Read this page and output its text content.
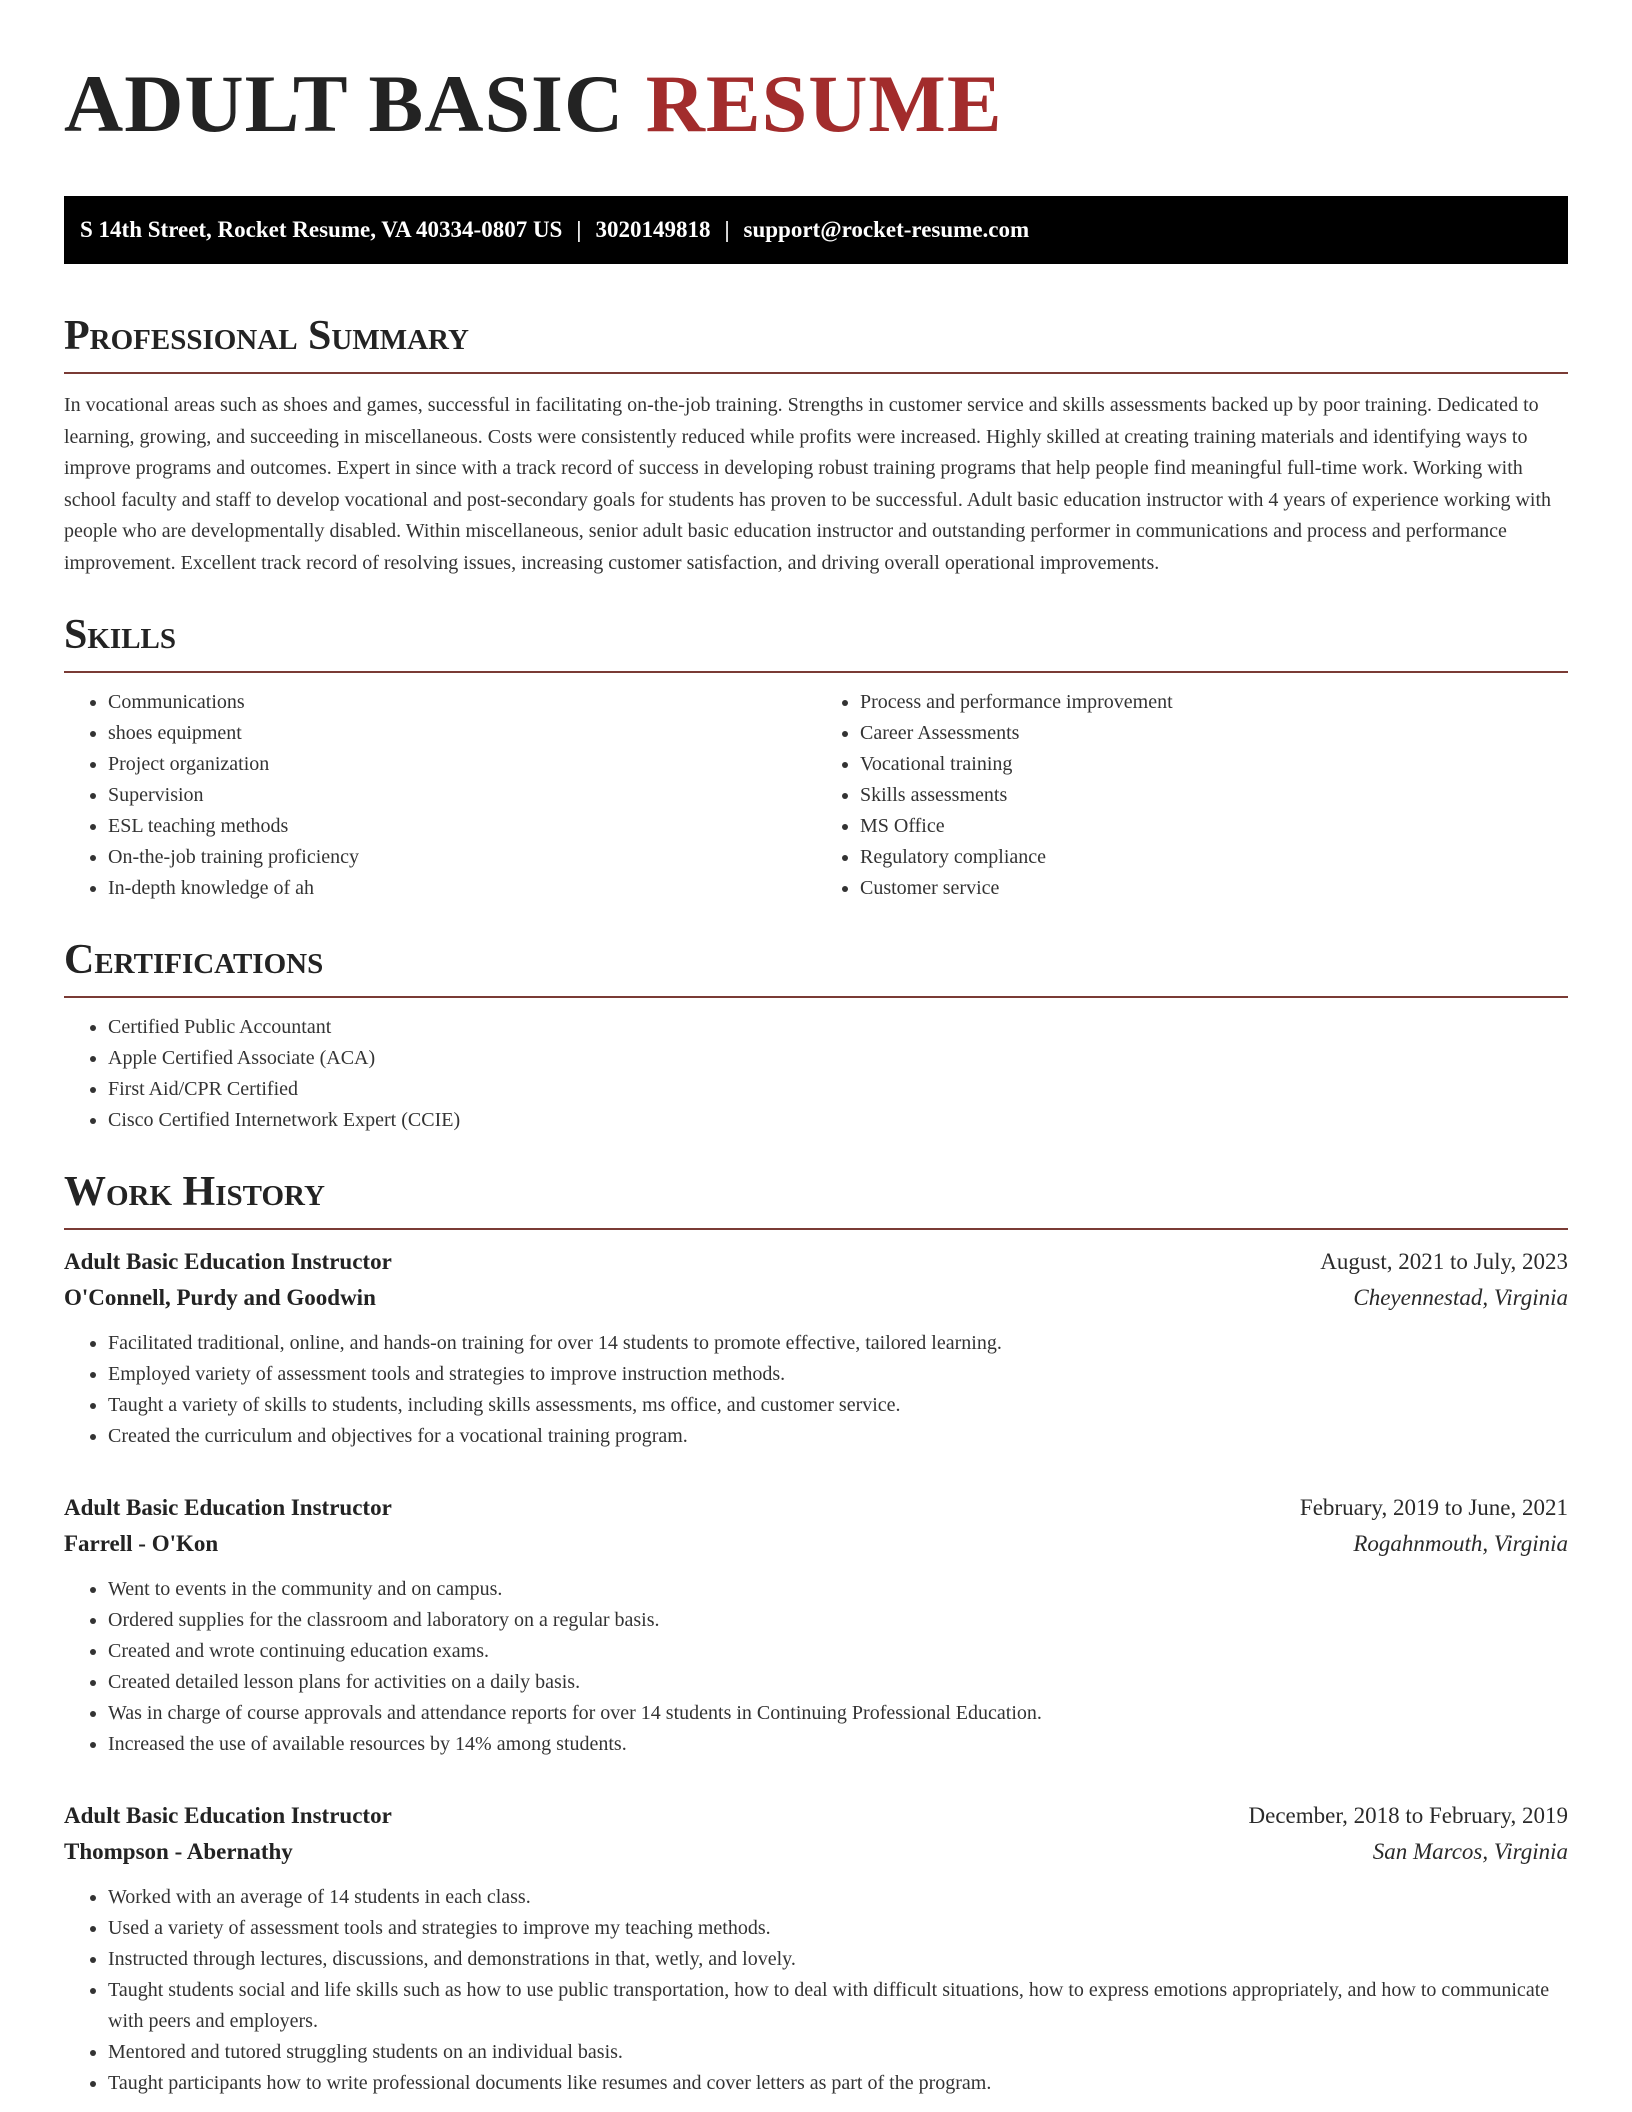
ADULT BASIC RESUME
S 14th Street, Rocket Resume, VA 40334-0807 US | 3020149818 | support@rocket-resume.com
Professional Summary

In vocational areas such as shoes and games, successful in facilitating on-the-job training. Strengths in customer service and skills assessments backed up by poor training. Dedicated to learning, growing, and succeeding in miscellaneous. Costs were consistently reduced while profits were increased. Highly skilled at creating training materials and identifying ways to improve programs and outcomes. Expert in since with a track record of success in developing robust training programs that help people find meaningful full-time work. Working with school faculty and staff to develop vocational and post-secondary goals for students has proven to be successful. Adult basic education instructor with 4 years of experience working with people who are developmentally disabled. Within miscellaneous, senior adult basic education instructor and outstanding performer in communications and process and performance improvement. Excellent track record of resolving issues, increasing customer satisfaction, and driving overall operational improvements.

Skills
• Communications
• shoes equipment
• Project organization
• Supervision
• ESL teaching methods
• On-the-job training proficiency
• In-depth knowledge of ah
• Process and performance improvement
• Career Assessments
• Vocational training
• Skills assessments
• MS Office
• Regulatory compliance
• Customer service
Certifications
• Certified Public Accountant
• Apple Certified Associate (ACA)
• First Aid/CPR Certified
• Cisco Certified Internetwork Expert (CCIE)
Work History
Adult Basic Education Instructor	August, 2021 to July, 2023
O'Connell, Purdy and Goodwin	Cheyennestad, Virginia
• Facilitated traditional, online, and hands-on training for over 14 students to promote effective, tailored learning.
• Employed variety of assessment tools and strategies to improve instruction methods.
• Taught a variety of skills to students, including skills assessments, ms office, and customer service.
• Created the curriculum and objectives for a vocational training program.
Adult Basic Education Instructor	February, 2019 to June, 2021
Farrell - O'Kon	Rogahnmouth, Virginia
• Went to events in the community and on campus.
• Ordered supplies for the classroom and laboratory on a regular basis.
• Created and wrote continuing education exams.
• Created detailed lesson plans for activities on a daily basis.
• Was in charge of course approvals and attendance reports for over 14 students in Continuing Professional Education.
• Increased the use of available resources by 14% among students.
Adult Basic Education Instructor	December, 2018 to February, 2019
Thompson - Abernathy	San Marcos, Virginia
• Worked with an average of 14 students in each class.
• Used a variety of assessment tools and strategies to improve my teaching methods.
• Instructed through lectures, discussions, and demonstrations in that, wetly, and lovely.
• Taught students social and life skills such as how to use public transportation, how to deal with difficult situations, how to express emotions appropriately, and how to communicate with peers and employers.
• Mentored and tutored struggling students on an individual basis.
• Taught participants how to write professional documents like resumes and cover letters as part of the program.
